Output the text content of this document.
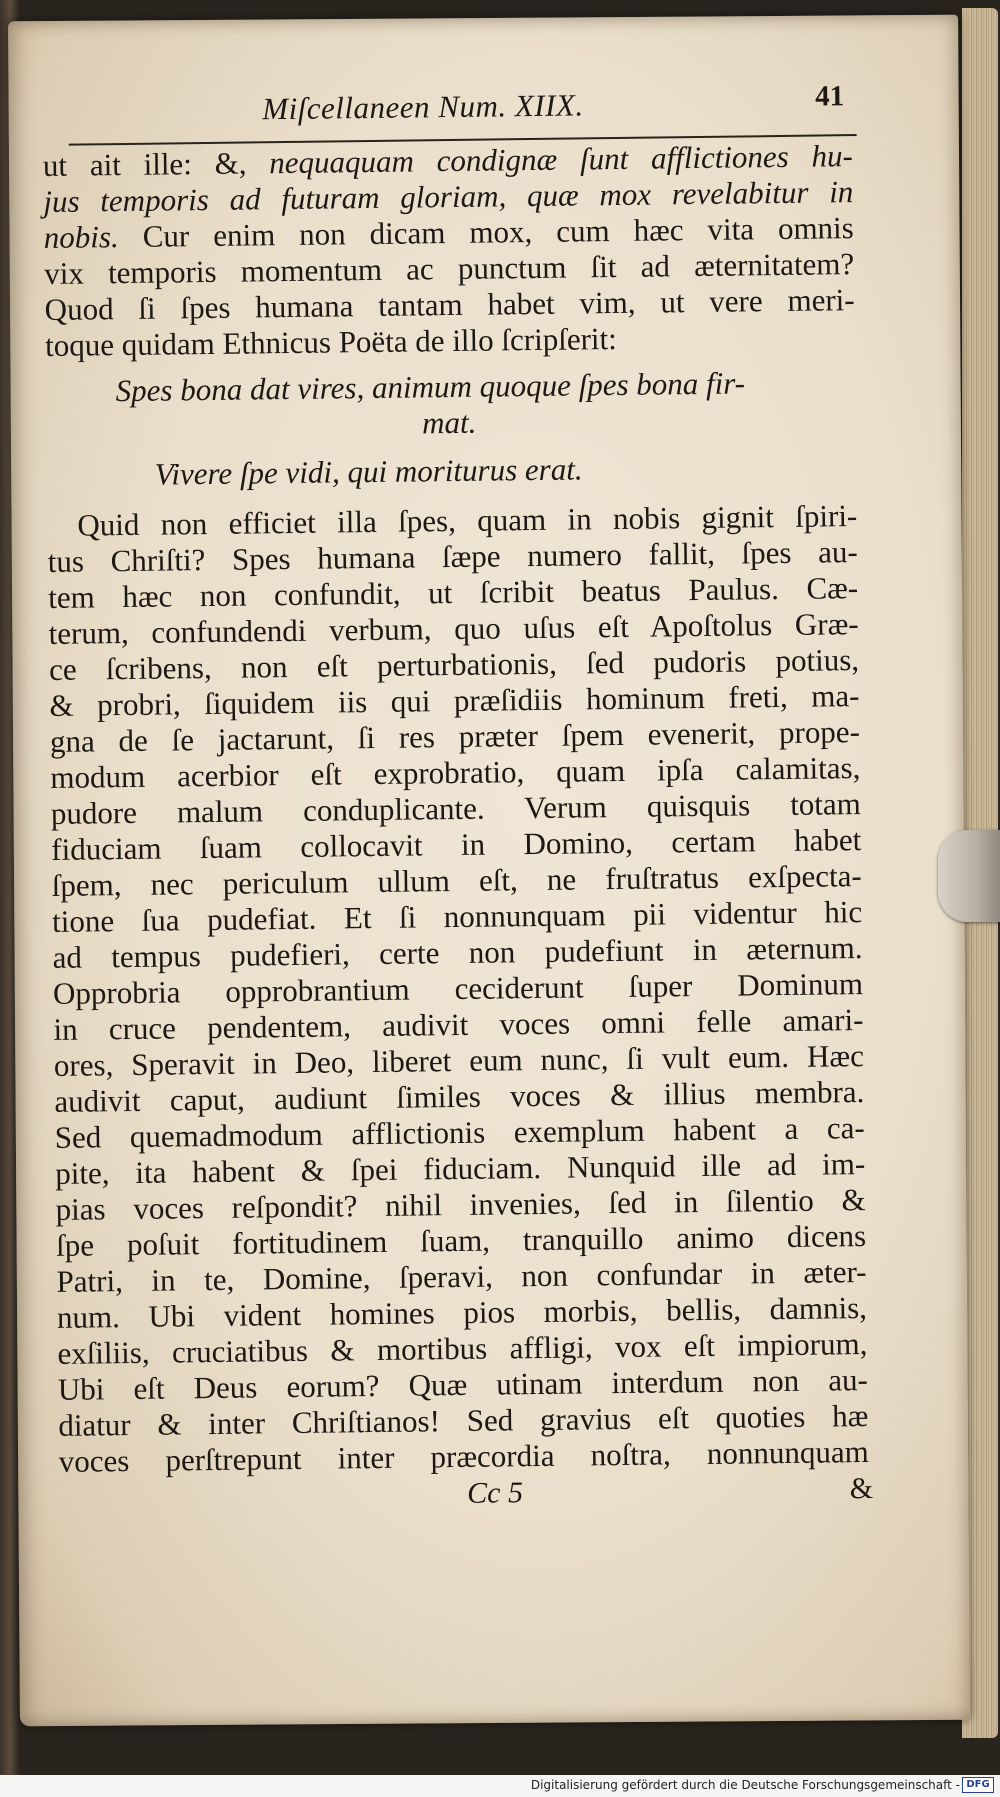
Miſcellaneen Num. XIIX.	41
ut ait ille: &, nequaquam condignæ ſunt afflictiones hu-
jus temporis ad futuram gloriam, quæ mox revelabitur in
nobis. Cur enim non dicam mox, cum hæc vita omnis
vix temporis momentum ac punctum ſit ad æternitatem?
Quod ſi ſpes humana tantam habet vim, ut vere meri-
toque quidam Ethnicus Poëta de illo ſcripſerit:
Spes bona dat vires, animum quoque ſpes bona fir-
mat.
Vivere ſpe vidi, qui moriturus erat.
Quid non efficiet illa ſpes, quam in nobis gignit ſpiri-
tus Chriſti? Spes humana ſæpe numero fallit, ſpes au-
tem hæc non confundit, ut ſcribit beatus Paulus. Cæ-
terum, confundendi verbum, quo uſus eſt Apoſtolus Græ-
ce ſcribens, non eſt perturbationis, ſed pudoris potius,
& probri, ſiquidem iis qui præſidiis hominum freti, ma-
gna de ſe jactarunt, ſi res præter ſpem evenerit, prope-
modum acerbior eſt exprobratio, quam ipſa calamitas,
pudore malum conduplicante. Verum quisquis totam
fiduciam ſuam collocavit in Domino, certam habet
ſpem, nec periculum ullum eſt, ne fruſtratus exſpecta-
tione ſua pudefiat. Et ſi nonnunquam pii videntur hic
ad tempus pudefieri, certe non pudefiunt in æternum.
Opprobria opprobrantium ceciderunt ſuper Dominum
in cruce pendentem, audivit voces omni felle amari-
ores, Speravit in Deo, liberet eum nunc, ſi vult eum. Hæc
audivit caput, audiunt ſimiles voces & illius membra.
Sed quemadmodum afflictionis exemplum habent a ca-
pite, ita habent & ſpei fiduciam. Nunquid ille ad im-
pias voces reſpondit? nihil invenies, ſed in ſilentio &
ſpe poſuit fortitudinem ſuam, tranquillo animo dicens
Patri, in te, Domine, ſperavi, non confundar in æter-
num. Ubi vident homines pios morbis, bellis, damnis,
exſiliis, cruciatibus & mortibus affligi, vox eſt impiorum,
Ubi eſt Deus eorum? Quæ utinam interdum non au-
diatur & inter Chriſtianos! Sed gravius eſt quoties hæ
voces perſtrepunt inter præcordia noſtra, nonnunquam
Cc 5	&
Digitalisierung gefördert durch die Deutsche Forschungsgemeinschaft - DFG
